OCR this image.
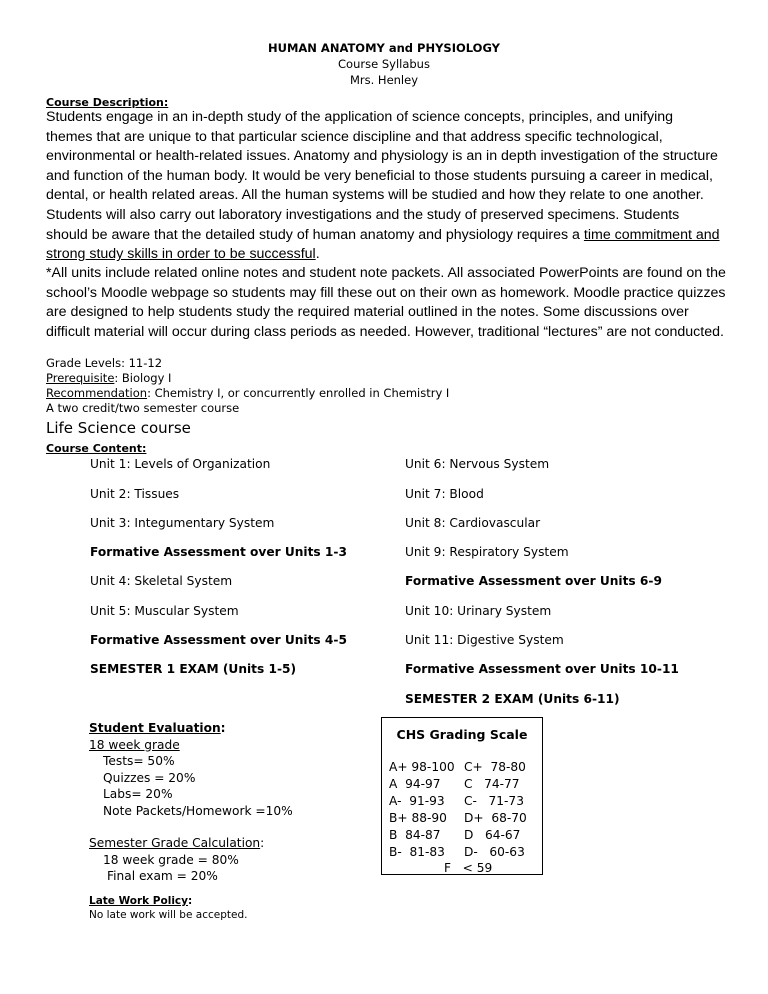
HUMAN ANATOMY and PHYSIOLOGY
Course Syllabus
Mrs. Henley
Course Description:
Students engage in an in-depth study of the application of science concepts, principles, and unifying themes that are unique to that particular science discipline and that address specific technological, environmental or health-related issues. Anatomy and physiology is an in depth investigation of the structure and function of the human body. It would be very beneficial to those students pursuing a career in medical, dental, or health related areas. All the human systems will be studied and how they relate to one another. Students will also carry out laboratory investigations and the study of preserved specimens. Students should be aware that the detailed study of human anatomy and physiology requires a time commitment and strong study skills in order to be successful.
*All units include related online notes and student note packets. All associated PowerPoints are found on the school’s Moodle webpage so students may fill these out on their own as homework. Moodle practice quizzes are designed to help students study the required material outlined in the notes. Some discussions over difficult material will occur during class periods as needed. However, traditional “lectures” are not conducted.
Grade Levels: 11-12
Prerequisite: Biology I
Recommendation: Chemistry I, or concurrently enrolled in Chemistry I
A two credit/two semester course
Life Science course
Course Content:
Unit 1: Levels of Organization
Unit 2: Tissues
Unit 3: Integumentary System
Formative Assessment over Units 1-3
Unit 4: Skeletal System
Unit 5: Muscular System
Formative Assessment over Units 4-5
SEMESTER 1 EXAM (Units 1-5)
Unit 6: Nervous System
Unit 7: Blood
Unit 8: Cardiovascular
Unit 9: Respiratory System
Formative Assessment over Units 6-9
Unit 10: Urinary System
Unit 11: Digestive System
Formative Assessment over Units 10-11
SEMESTER 2 EXAM (Units 6-11)
Student Evaluation:
18 week grade
Tests= 50%
Quizzes = 20%
Labs= 20%
Note Packets/Homework =10%
Semester Grade Calculation:
18 week grade = 80%
Final exam = 20%
Late Work Policy:
No late work will be accepted.
CHS Grading Scale
A+ 98-100
A  94-97
A-  91-93
B+ 88-90
B  84-87
B-  81-83
C+  78-80
C   74-77
C-   71-73
D+  68-70
D   64-67
D-   60-63
F   < 59
